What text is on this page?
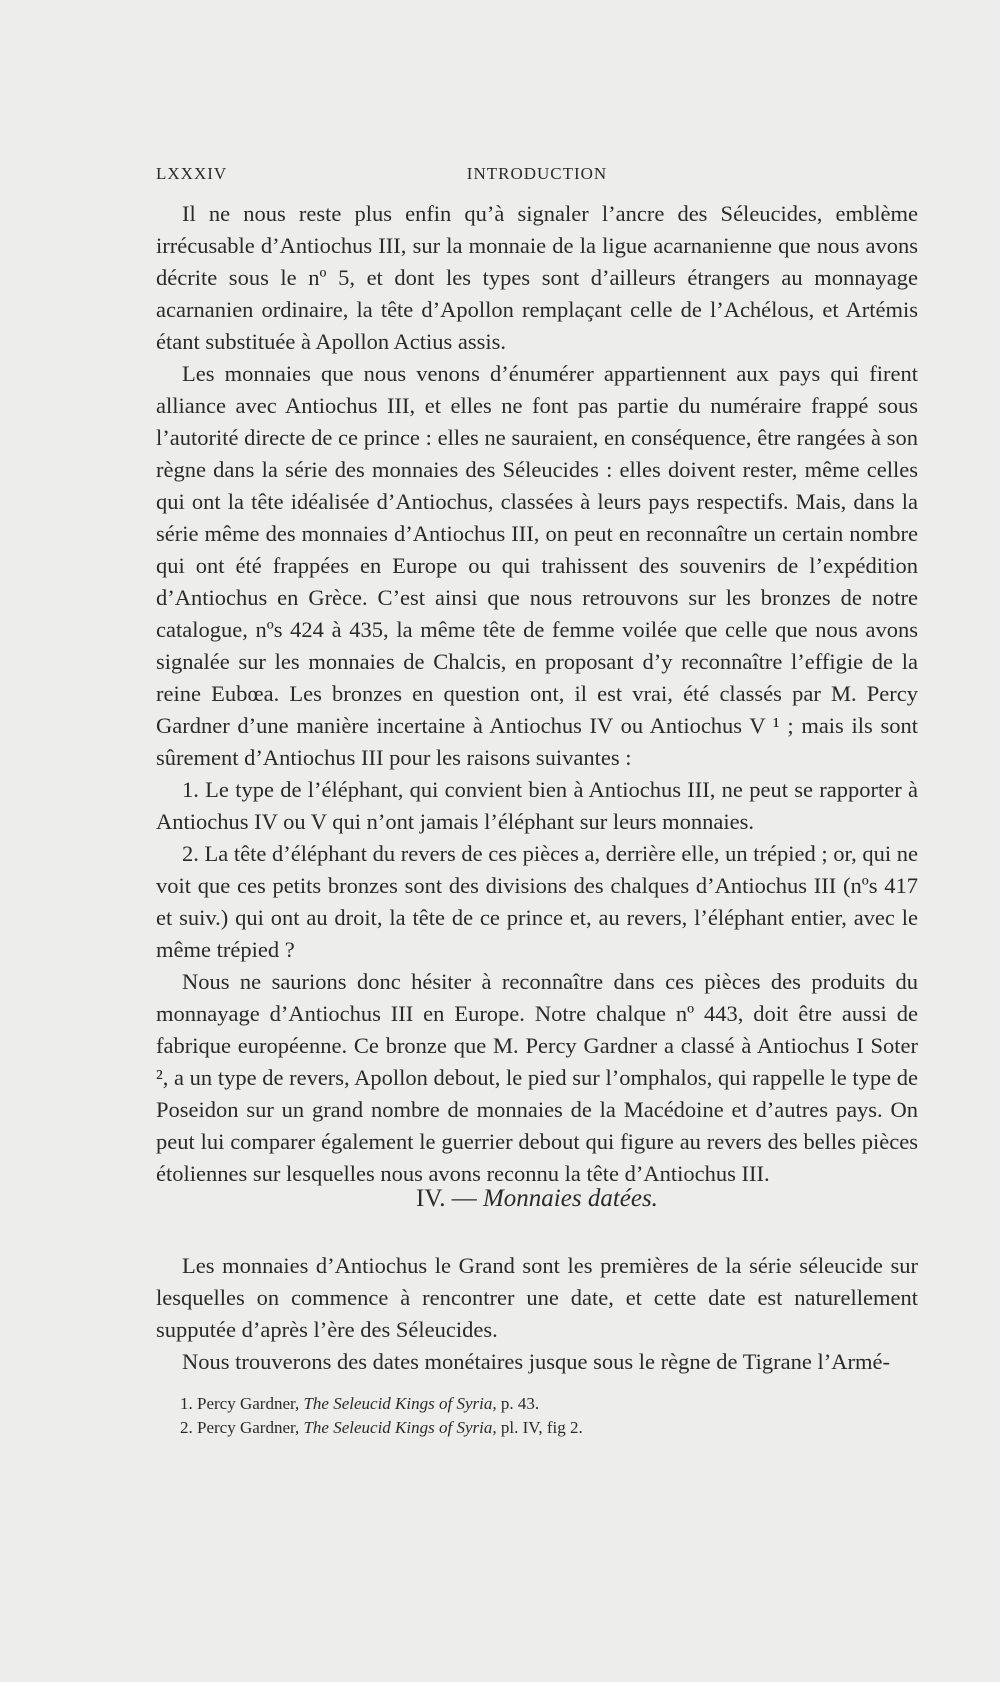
LXXXIV	INTRODUCTION

Il ne nous reste plus enfin qu’à signaler l’ancre des Séleucides, emblème irrécusable d’Antiochus III, sur la monnaie de la ligue acarnanienne que nous avons décrite sous le nº 5, et dont les types sont d’ailleurs étrangers au monnayage acarnanien ordinaire, la tête d’Apollon remplaçant celle de l’Achélous, et Artémis étant substituée à Apollon Actius assis.

Les monnaies que nous venons d’énumérer appartiennent aux pays qui firent alliance avec Antiochus III, et elles ne font pas partie du numéraire frappé sous l’autorité directe de ce prince : elles ne sauraient, en conséquence, être rangées à son règne dans la série des monnaies des Séleucides : elles doivent rester, même celles qui ont la tête idéalisée d’Antiochus, classées à leurs pays respectifs. Mais, dans la série même des monnaies d’Antiochus III, on peut en reconnaître un certain nombre qui ont été frappées en Europe ou qui trahissent des souvenirs de l’expédition d’Antiochus en Grèce. C’est ainsi que nous retrouvons sur les bronzes de notre catalogue, nºs 424 à 435, la même tête de femme voilée que celle que nous avons signalée sur les monnaies de Chalcis, en proposant d’y reconnaître l’effigie de la reine Eubœa. Les bronzes en question ont, il est vrai, été classés par M. Percy Gardner d’une manière incertaine à Antiochus IV ou Antiochus V ¹ ; mais ils sont sûrement d’Antiochus III pour les raisons suivantes :

1. Le type de l’éléphant, qui convient bien à Antiochus III, ne peut se rapporter à Antiochus IV ou V qui n’ont jamais l’éléphant sur leurs monnaies.

2. La tête d’éléphant du revers de ces pièces a, derrière elle, un trépied ; or, qui ne voit que ces petits bronzes sont des divisions des chalques d’Antiochus III (nºs 417 et suiv.) qui ont au droit, la tête de ce prince et, au revers, l’éléphant entier, avec le même trépied ?

Nous ne saurions donc hésiter à reconnaître dans ces pièces des produits du monnayage d’Antiochus III en Europe. Notre chalque nº 443, doit être aussi de fabrique européenne. Ce bronze que M. Percy Gardner a classé à Antiochus I Soter ², a un type de revers, Apollon debout, le pied sur l’omphalos, qui rappelle le type de Poseidon sur un grand nombre de monnaies de la Macédoine et d’autres pays. On peut lui comparer également le guerrier debout qui figure au revers des belles pièces étoliennes sur lesquelles nous avons reconnu la tête d’Antiochus III.

IV. — Monnaies datées.

Les monnaies d’Antiochus le Grand sont les premières de la série séleucide sur lesquelles on commence à rencontrer une date, et cette date est naturellement supputée d’après l’ère des Séleucides.

Nous trouverons des dates monétaires jusque sous le règne de Tigrane l’Armé-

1. Percy Gardner, The Seleucid Kings of Syria, p. 43.
2. Percy Gardner, The Seleucid Kings of Syria, pl. IV, fig 2.
